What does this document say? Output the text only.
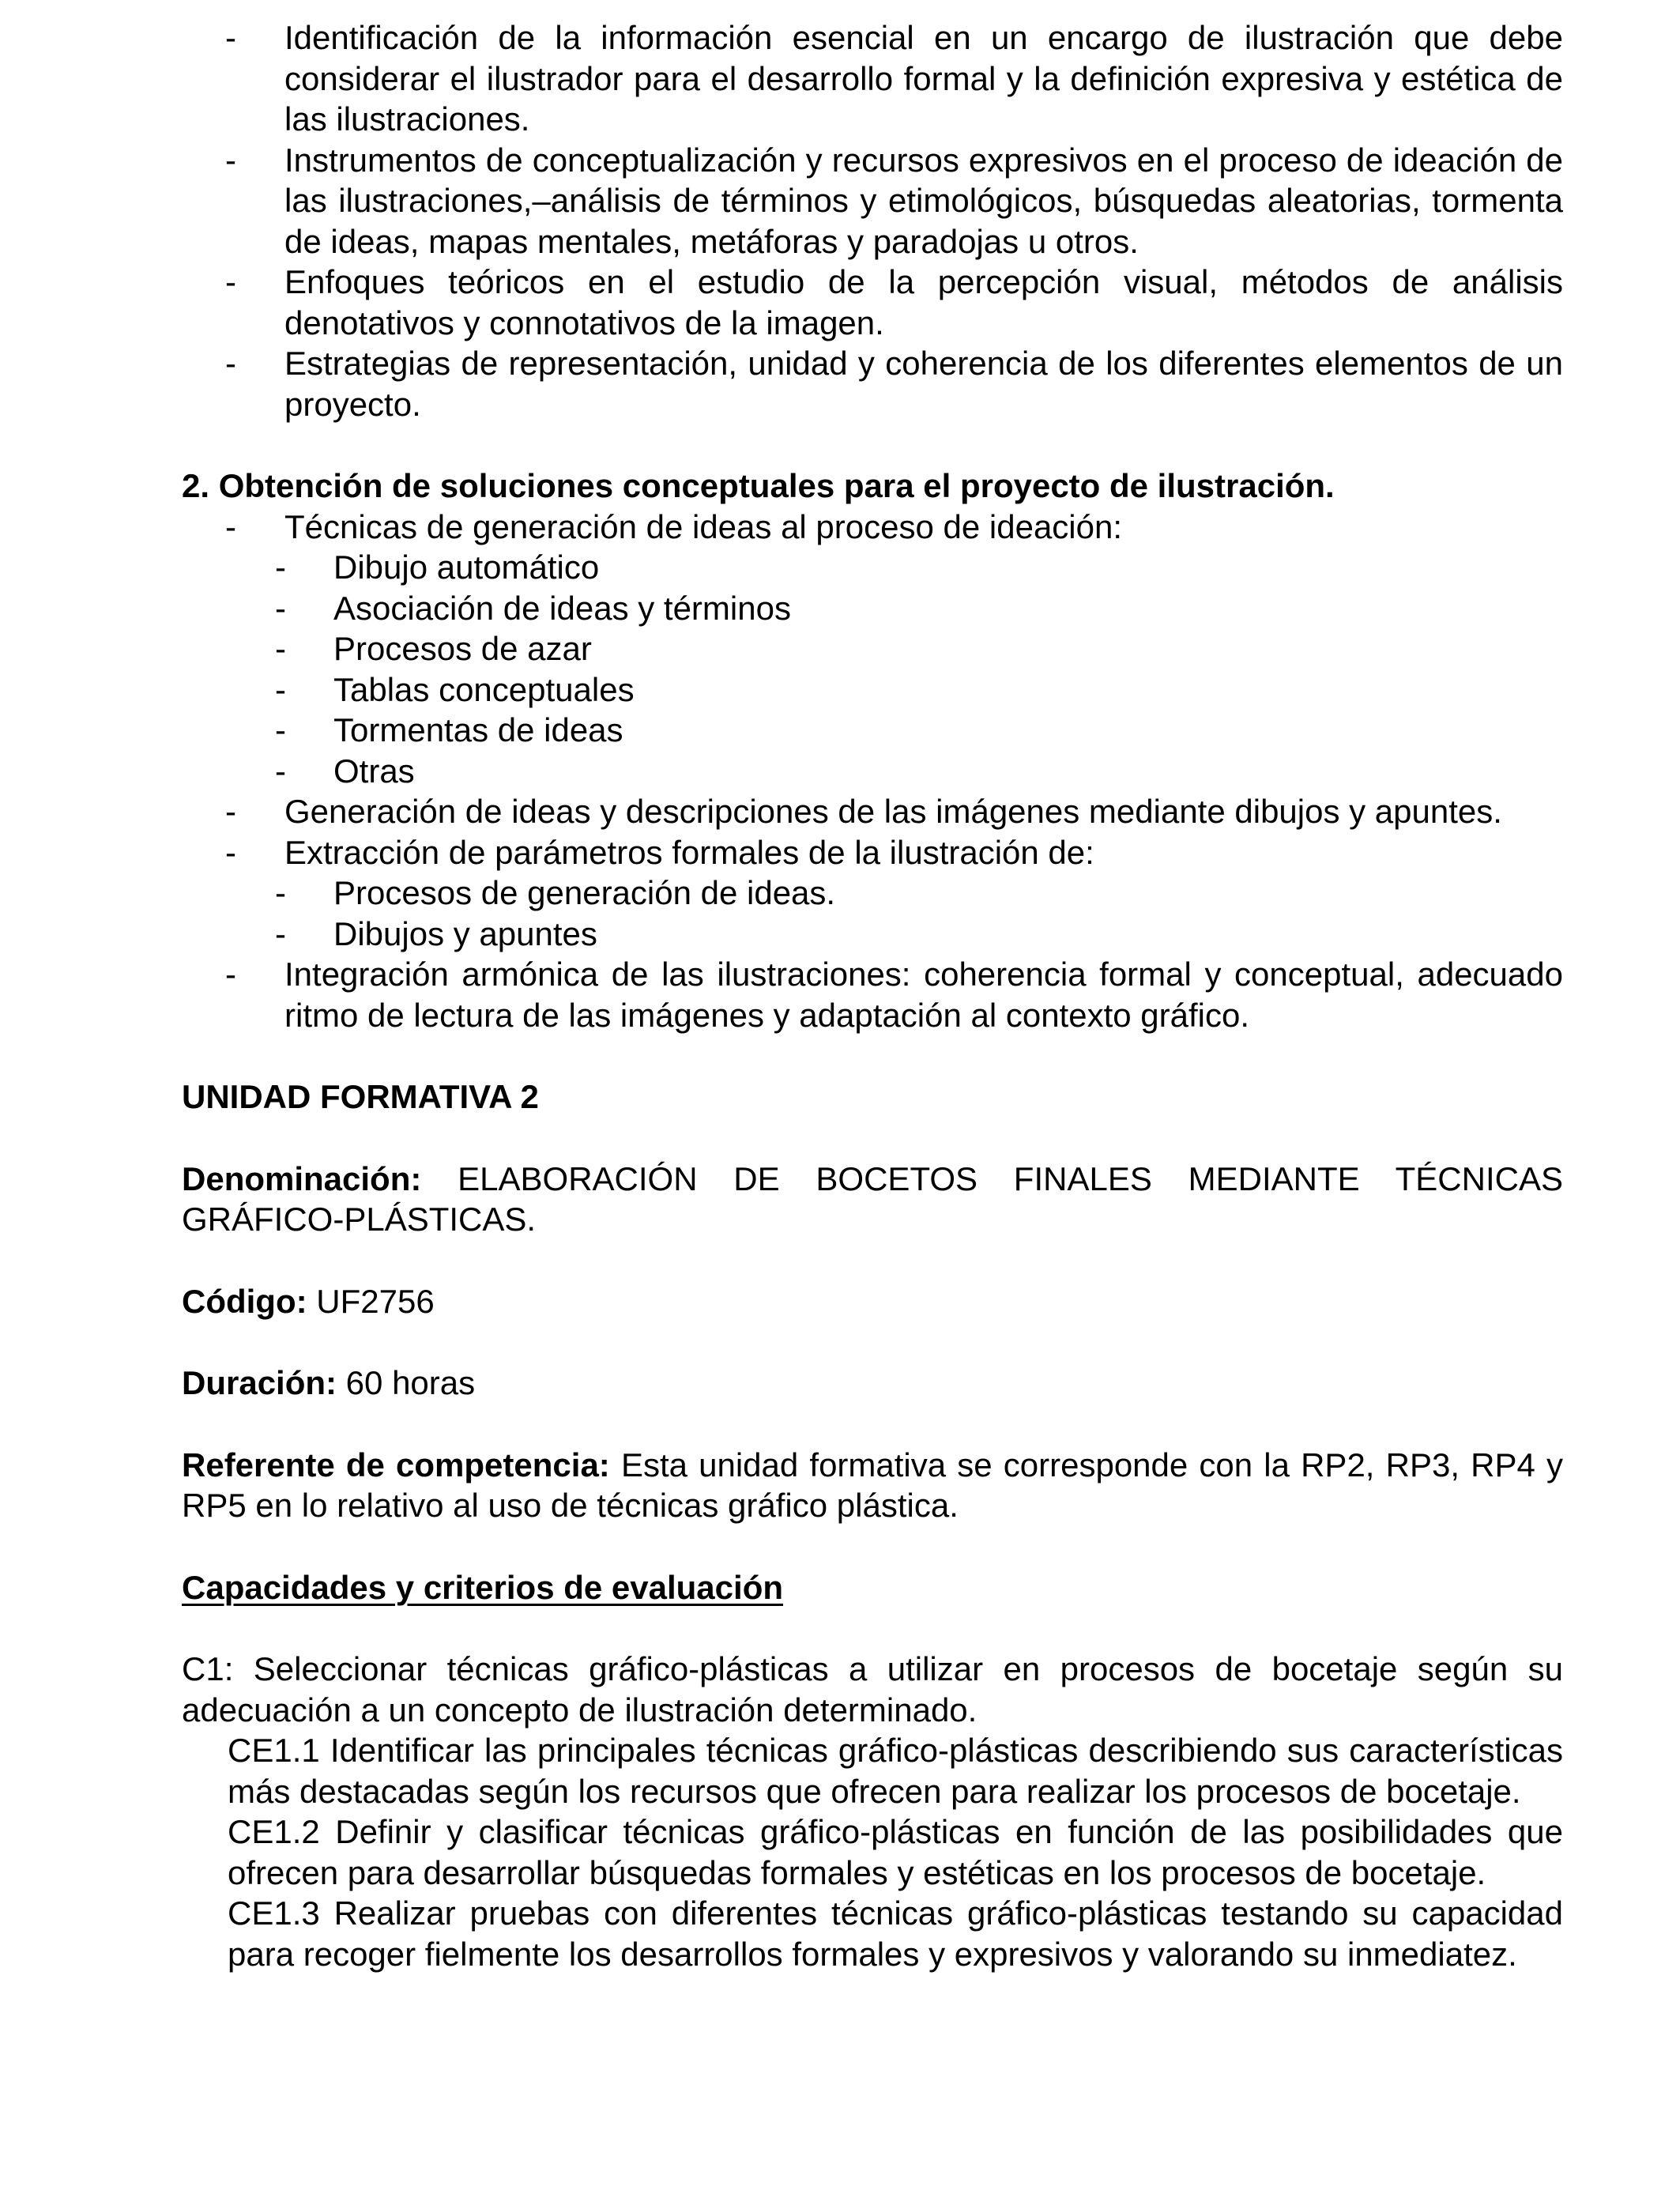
- Identificación de la información esencial en un encargo de ilustración que debe considerar el ilustrador para el desarrollo formal y la definición expresiva y estética de las ilustraciones.
- Instrumentos de conceptualización y recursos expresivos en el proceso de ideación de las ilustraciones,–análisis de términos y etimológicos, búsquedas aleatorias, tormenta de ideas, mapas mentales, metáforas y paradojas u otros.
- Enfoques teóricos en el estudio de la percepción visual, métodos de análisis denotativos y connotativos de la imagen.
- Estrategias de representación, unidad y coherencia de los diferentes elementos de un proyecto.

2. Obtención de soluciones conceptuales para el proyecto de ilustración.

- Técnicas de generación de ideas al proceso de ideación:
- Dibujo automático
- Asociación de ideas y términos
- Procesos de azar
- Tablas conceptuales
- Tormentas de ideas
- Otras
- Generación de ideas y descripciones de las imágenes mediante dibujos y apuntes.
- Extracción de parámetros formales de la ilustración de:
- Procesos de generación de ideas.
- Dibujos y apuntes
- Integración armónica de las ilustraciones: coherencia formal y conceptual, adecuado ritmo de lectura de las imágenes y adaptación al contexto gráfico.

UNIDAD FORMATIVA 2

Denominación: ELABORACIÓN DE BOCETOS FINALES MEDIANTE TÉCNICAS GRÁFICO-PLÁSTICAS.

Código: UF2756

Duración: 60 horas

Referente de competencia: Esta unidad formativa se corresponde con la RP2, RP3, RP4 y RP5 en lo relativo al uso de técnicas gráfico plástica.

Capacidades y criterios de evaluación

C1: Seleccionar técnicas gráfico-plásticas a utilizar en procesos de bocetaje según su adecuación a un concepto de ilustración determinado.

CE1.1 Identificar las principales técnicas gráfico-plásticas describiendo sus características más destacadas según los recursos que ofrecen para realizar los procesos de bocetaje.

CE1.2 Definir y clasificar técnicas gráfico-plásticas en función de las posibilidades que ofrecen para desarrollar búsquedas formales y estéticas en los procesos de bocetaje.

CE1.3 Realizar pruebas con diferentes técnicas gráfico-plásticas testando su capacidad para recoger fielmente los desarrollos formales y expresivos y valorando su inmediatez.
